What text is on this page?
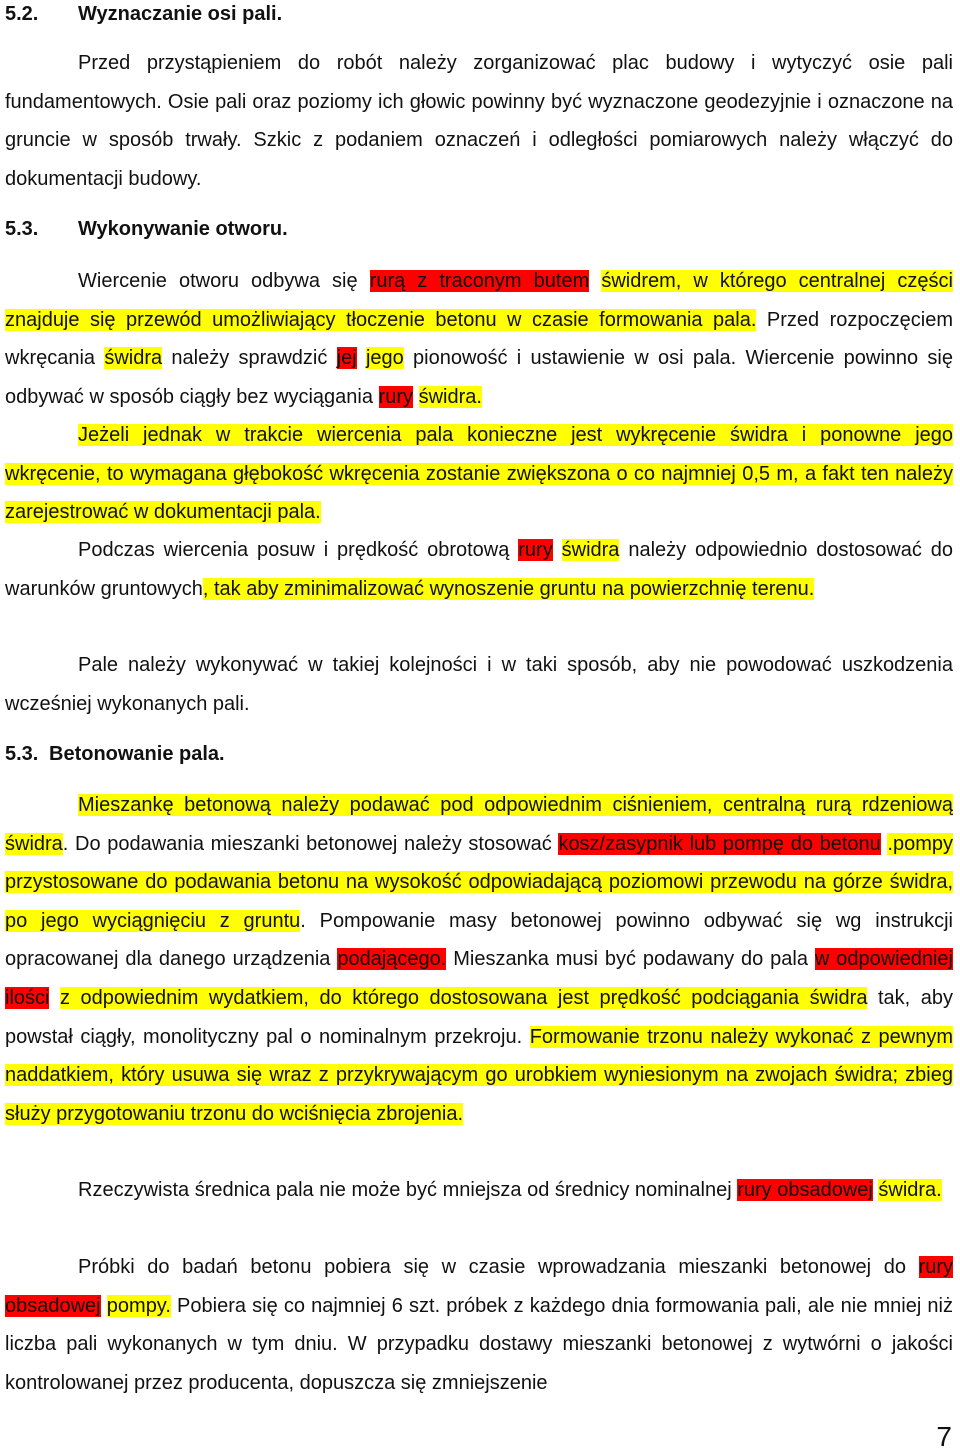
5.2. Wyznaczanie osi pali.

Przed przystąpieniem do robót należy zorganizować plac budowy i wytyczyć osie pali fundamentowych. Osie pali oraz poziomy ich głowic powinny być wyznaczone geodezyjnie i oznaczone na gruncie w sposób trwały. Szkic z podaniem oznaczeń i odległości pomiarowych należy włączyć do dokumentacji budowy.

5.3. Wykonywanie otworu.

Wiercenie otworu odbywa się rurą z traconym butem świdrem, w którego centralnej części znajduje się przewód umożliwiający tłoczenie betonu w czasie formowania pala. Przed rozpoczęciem wkręcania świdra należy sprawdzić jej jego pionowość i ustawienie w osi pala. Wiercenie powinno się odbywać w sposób ciągły bez wyciągania rury świdra.

Jeżeli jednak w trakcie wiercenia pala konieczne jest wykręcenie świdra i ponowne jego wkręcenie, to wymagana głębokość wkręcenia zostanie zwiększona o co najmniej 0,5 m, a fakt ten należy zarejestrować w dokumentacji pala.

Podczas wiercenia posuw i prędkość obrotową rury świdra należy odpowiednio dostosować do warunków gruntowych, tak aby zminimalizować wynoszenie gruntu na powierzchnię terenu.

Pale należy wykonywać w takiej kolejności i w taki sposób, aby nie powodować uszkodzenia wcześniej wykonanych pali.

5.3. Betonowanie pala.

Mieszankę betonową należy podawać pod odpowiednim ciśnieniem, centralną rurą rdzeniową świdra. Do podawania mieszanki betonowej należy stosować kosz/zasypnik lub pompę do betonu .pompy przystosowane do podawania betonu na wysokość odpowiadającą poziomowi przewodu na górze świdra, po jego wyciągnięciu z gruntu. Pompowanie masy betonowej powinno odbywać się wg instrukcji opracowanej dla danego urządzenia podającego. Mieszanka musi być podawany do pala w odpowiedniej ilości z odpowiednim wydatkiem, do którego dostosowana jest prędkość podciągania świdra tak, aby powstał ciągły, monolityczny pal o nominalnym przekroju. Formowanie trzonu należy wykonać z pewnym naddatkiem, który usuwa się wraz z przykrywającym go urobkiem wyniesionym na zwojach świdra; zbieg służy przygotowaniu trzonu do wciśnięcia zbrojenia.

Rzeczywista średnica pala nie może być mniejsza od średnicy nominalnej rury obsadowej świdra.

Próbki do badań betonu pobiera się w czasie wprowadzania mieszanki betonowej do rury obsadowej pompy. Pobiera się co najmniej 6 szt. próbek z każdego dnia formowania pali, ale nie mniej niż liczba pali wykonanych w tym dniu. W przypadku dostawy mieszanki betonowej z wytwórni o jakości kontrolowanej przez producenta, dopuszcza się zmniejszenie

7
